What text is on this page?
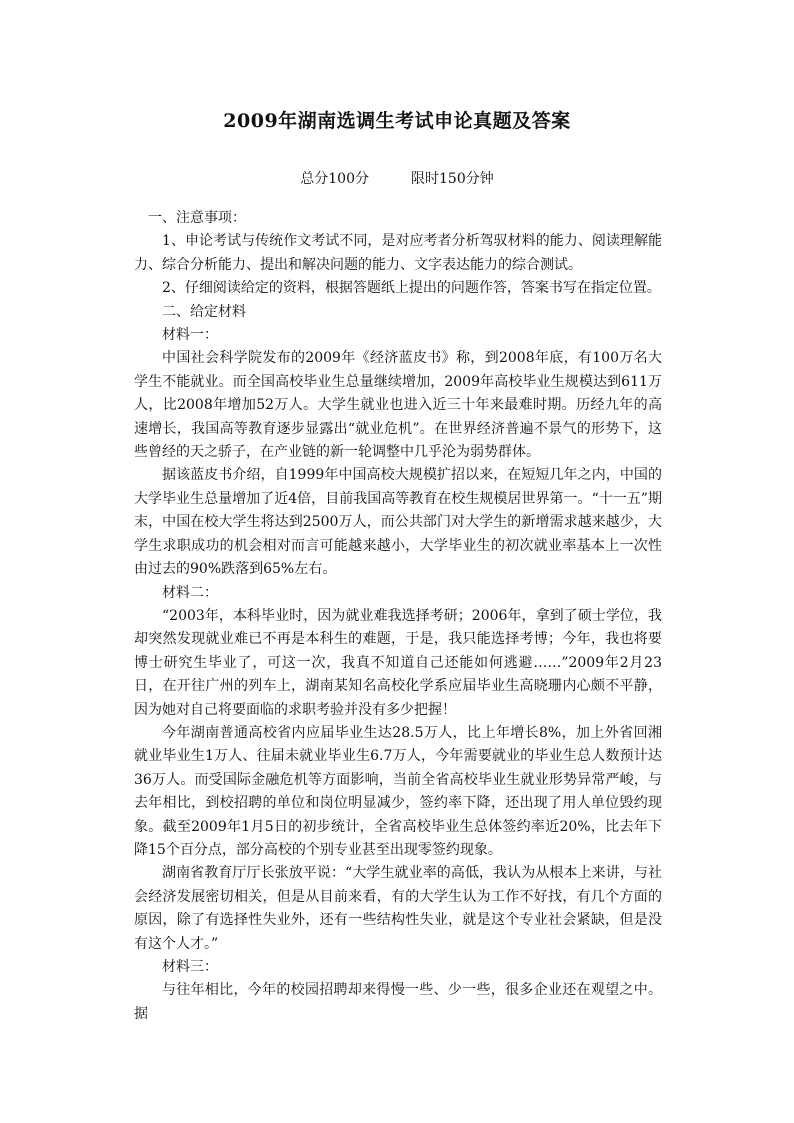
2009年湖南选调生考试申论真题及答案
总分100分	限时150分钟

一、注意事项：

1、申论考试与传统作文考试不同，是对应考者分析驾驭材料的能力、阅读理解能力、综合分析能力、提出和解决问题的能力、文字表达能力的综合测试。

2、仔细阅读给定的资料，根据答题纸上提出的问题作答，答案书写在指定位置。

二、给定材料

材料一：

中国社会科学院发布的2009年《经济蓝皮书》称，到2008年底，有100万名大学生不能就业。而全国高校毕业生总量继续增加，2009年高校毕业生规模达到611万人，比2008年增加52万人。大学生就业也进入近三十年来最难时期。历经九年的高速增长，我国高等教育逐步显露出“就业危机”。在世界经济普遍不景气的形势下，这些曾经的天之骄子，在产业链的新一轮调整中几乎沦为弱势群体。

据该蓝皮书介绍，自1999年中国高校大规模扩招以来，在短短几年之内，中国的大学毕业生总量增加了近4倍，目前我国高等教育在校生规模居世界第一。“十一五”期末，中国在校大学生将达到2500万人，而公共部门对大学生的新增需求越来越少，大学生求职成功的机会相对而言可能越来越小，大学毕业生的初次就业率基本上一次性由过去的90%跌落到65%左右。

材料二：

“2003年，本科毕业时，因为就业难我选择考研；2006年，拿到了硕士学位，我却突然发现就业难已不再是本科生的难题，于是，我只能选择考博；今年，我也将要博士研究生毕业了，可这一次，我真不知道自己还能如何逃避……”2009年2月23日，在开往广州的列车上，湖南某知名高校化学系应届毕业生高晓珊内心颇不平静，因为她对自己将要面临的求职考验并没有多少把握！

今年湖南普通高校省内应届毕业生达28.5万人，比上年增长8%，加上外省回湘就业毕业生1万人、往届未就业毕业生6.7万人，今年需要就业的毕业生总人数预计达36万人。而受国际金融危机等方面影响，当前全省高校毕业生就业形势异常严峻，与去年相比，到校招聘的单位和岗位明显减少，签约率下降，还出现了用人单位毁约现象。截至2009年1月5日的初步统计，全省高校毕业生总体签约率近20%，比去年下降15个百分点，部分高校的个别专业甚至出现零签约现象。

湖南省教育厅厅长张放平说：“大学生就业率的高低，我认为从根本上来讲，与社会经济发展密切相关，但是从目前来看，有的大学生认为工作不好找，有几个方面的原因，除了有选择性失业外，还有一些结构性失业，就是这个专业社会紧缺，但是没有这个人才。”

材料三：

与往年相比，今年的校园招聘却来得慢一些、少一些，很多企业还在观望之中。据
